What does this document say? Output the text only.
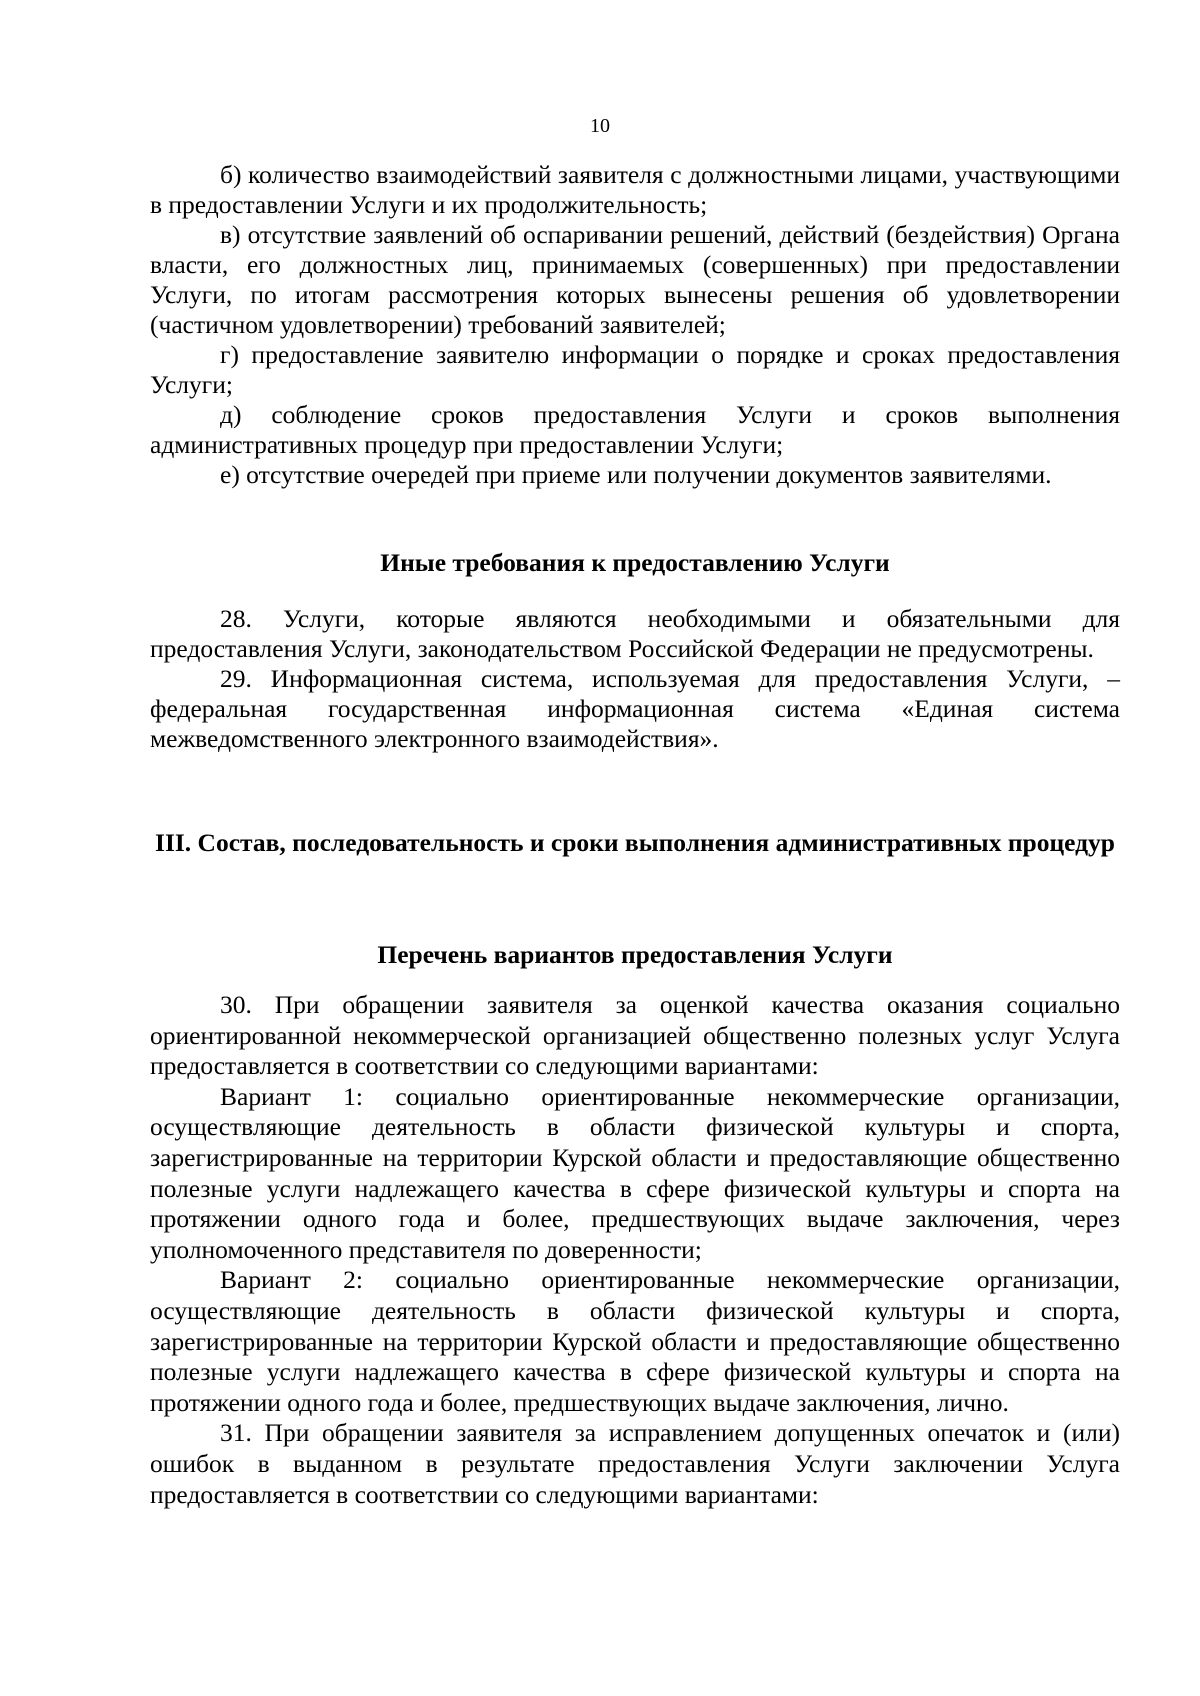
10

б) количество взаимодействий заявителя с должностными лицами, участвующими в предоставлении Услуги и их продолжительность;

в) отсутствие заявлений об оспаривании решений, действий (бездействия) Органа власти, его должностных лиц, принимаемых (совершенных) при предоставлении Услуги, по итогам рассмотрения которых вынесены решения об удовлетворении (частичном удовлетворении) требований заявителей;

г) предоставление заявителю информации о порядке и сроках предоставления Услуги;

д) соблюдение сроков предоставления Услуги и сроков выполнения административных процедур при предоставлении Услуги;

е) отсутствие очередей при приеме или получении документов заявителями.

Иные требования к предоставлению Услуги

28. Услуги, которые являются необходимыми и обязательными для предоставления Услуги, законодательством Российской Федерации не предусмотрены.

29. Информационная система, используемая для предоставления Услуги, – федеральная государственная информационная система «Единая система межведомственного электронного взаимодействия».

III. Состав, последовательность и сроки выполнения административных процедур
Перечень вариантов предоставления Услуги

30. При обращении заявителя за оценкой качества оказания социально ориентированной некоммерческой организацией общественно полезных услуг Услуга предоставляется в соответствии со следующими вариантами:

Вариант 1: социально ориентированные некоммерческие организации, осуществляющие деятельность в области физической культуры и спорта, зарегистрированные на территории Курской области и предоставляющие общественно полезные услуги надлежащего качества в сфере физической культуры и спорта на протяжении одного года и более, предшествующих выдаче заключения, через уполномоченного представителя по доверенности;

Вариант 2: социально ориентированные некоммерческие организации, осуществляющие деятельность в области физической культуры и спорта, зарегистрированные на территории Курской области и предоставляющие общественно полезные услуги надлежащего качества в сфере физической культуры и спорта на протяжении одного года и более, предшествующих выдаче заключения, лично.

31. При обращении заявителя за исправлением допущенных опечаток и (или) ошибок в выданном в результате предоставления Услуги заключении Услуга предоставляется в соответствии со следующими вариантами:
